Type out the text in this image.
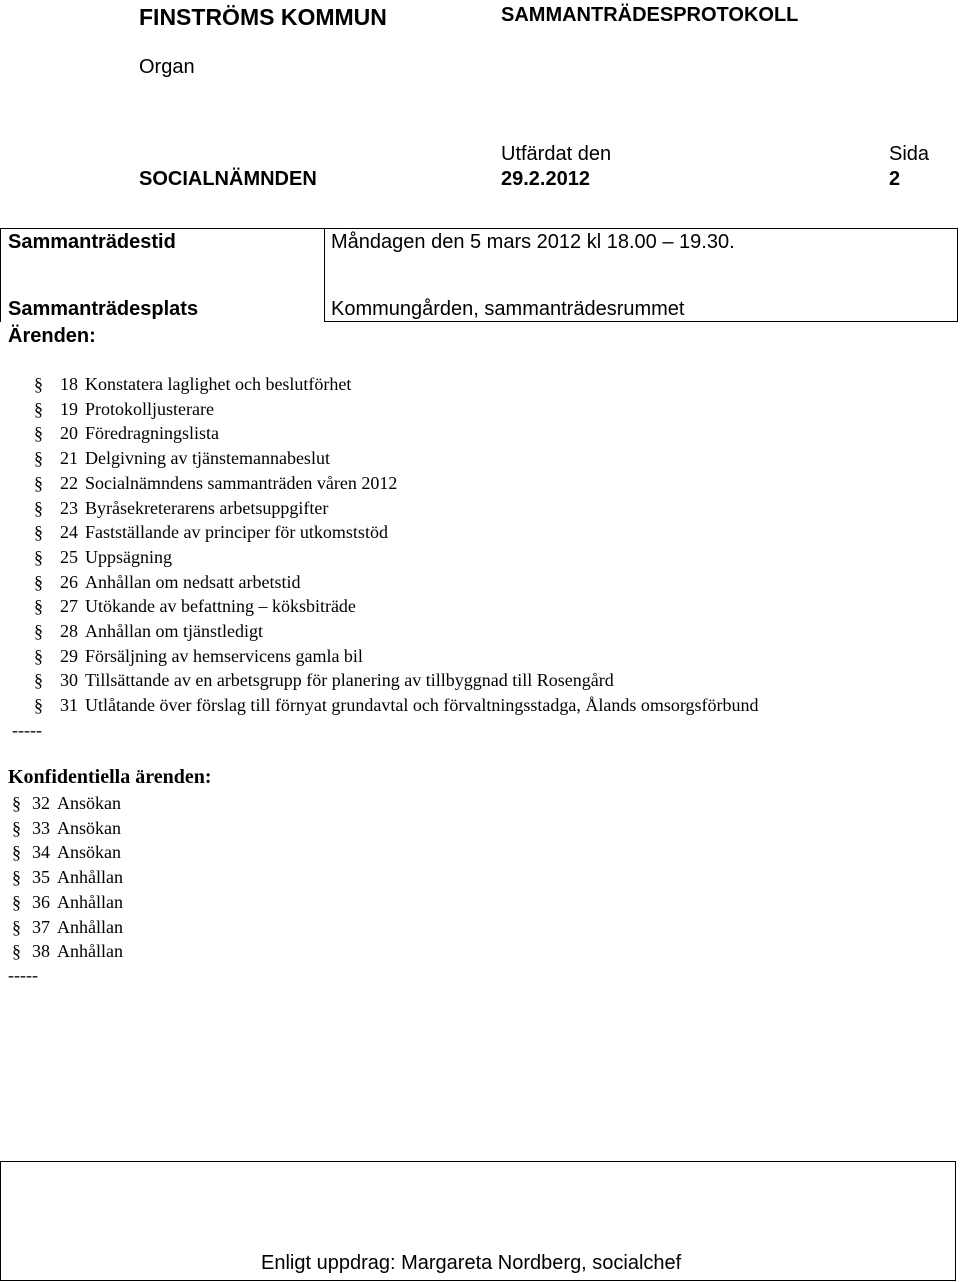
FINSTRÖMS KOMMUN	SAMMANTRÄDESPROTOKOLL
Organ
Utfärdat den	Sida
SOCIALNÄMNDEN	29.2.2012	2
Sammanträdestid	Måndagen den 5 mars 2012 kl 18.00 – 19.30.
Sammanträdesplats	Kommungården, sammanträdesrummet
Ärenden:
§ 18 Konstatera laglighet och beslutförhet
§ 19 Protokolljusterare
§ 20 Föredragningslista
§ 21 Delgivning av tjänstemannabeslut
§ 22 Socialnämndens sammanträden våren 2012
§ 23 Byråsekreterarens arbetsuppgifter
§ 24 Fastställande av principer för utkomststöd
§ 25 Uppsägning
§ 26 Anhållan om nedsatt arbetstid
§ 27 Utökande av befattning – köksbiträde
§ 28 Anhållan om tjänstledigt
§ 29 Försäljning av hemservicens gamla bil
§ 30 Tillsättande av en arbetsgrupp för planering av tillbyggnad till Rosengård
§ 31 Utlåtande över förslag till förnyat grundavtal och förvaltningsstadga, Ålands omsorgsförbund
-----
Konfidentiella ärenden:
§ 32 Ansökan
§ 33 Ansökan
§ 34 Ansökan
§ 35 Anhållan
§ 36 Anhållan
§ 37 Anhållan
§ 38 Anhållan
-----
Enligt uppdrag: Margareta Nordberg, socialchef
